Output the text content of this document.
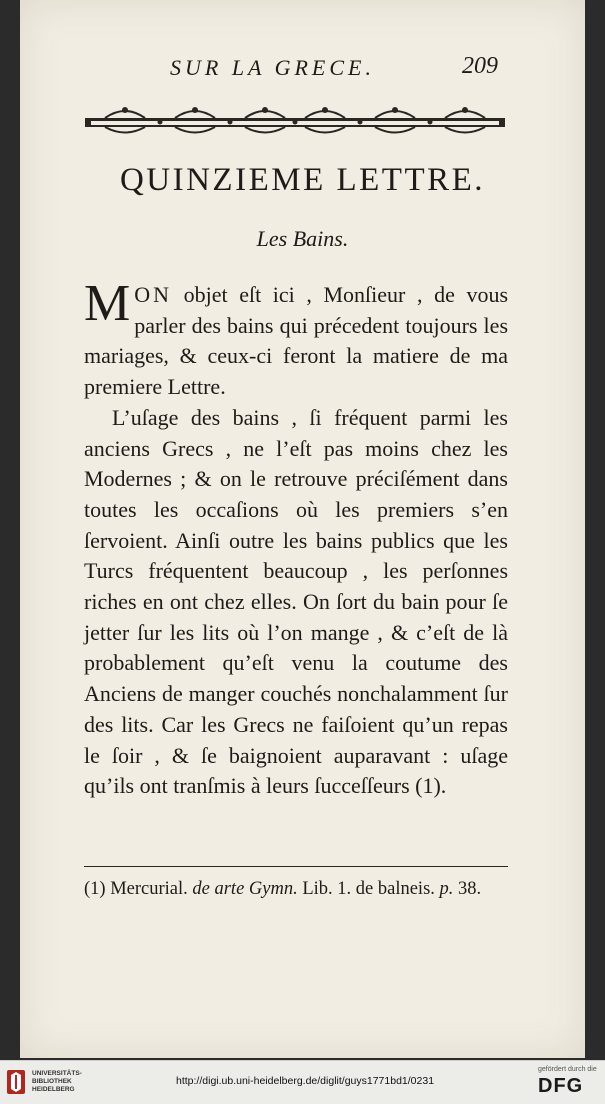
SUR LA GRECE.	209
QUINZIEME LETTRE.
Les Bains.

MON objet eſt ici , Monſieur , de vous parler des bains qui précedent toujours les mariages, & ceux-ci feront la matiere de ma premiere Lettre.

L’uſage des bains , ſi fréquent parmi les anciens Grecs , ne l’eſt pas moins chez les Modernes ; & on le retrouve préciſément dans toutes les occaſions où les premiers s’en ſervoient. Ainſi outre les bains publics que les Turcs fréquentent beaucoup , les perſonnes riches en ont chez elles. On ſort du bain pour ſe jetter ſur les lits où l’on mange , & c’eſt de là probablement qu’eſt venu la coutume des Anciens de manger couchés nonchalamment ſur des lits. Car les Grecs ne faiſoient qu’un repas le ſoir , & ſe baignoient auparavant : uſage qu’ils ont tranſmis à leurs ſucceſſeurs (1).

(1) Mercurial. de arte Gymn. Lib. 1. de balneis. p. 38.
UNIVERSITÄTS-
BIBLIOTHEK
HEIDELBERG
http://digi.ub.uni-heidelberg.de/diglit/guys1771bd1/0231
gefördert durch die
DFG
